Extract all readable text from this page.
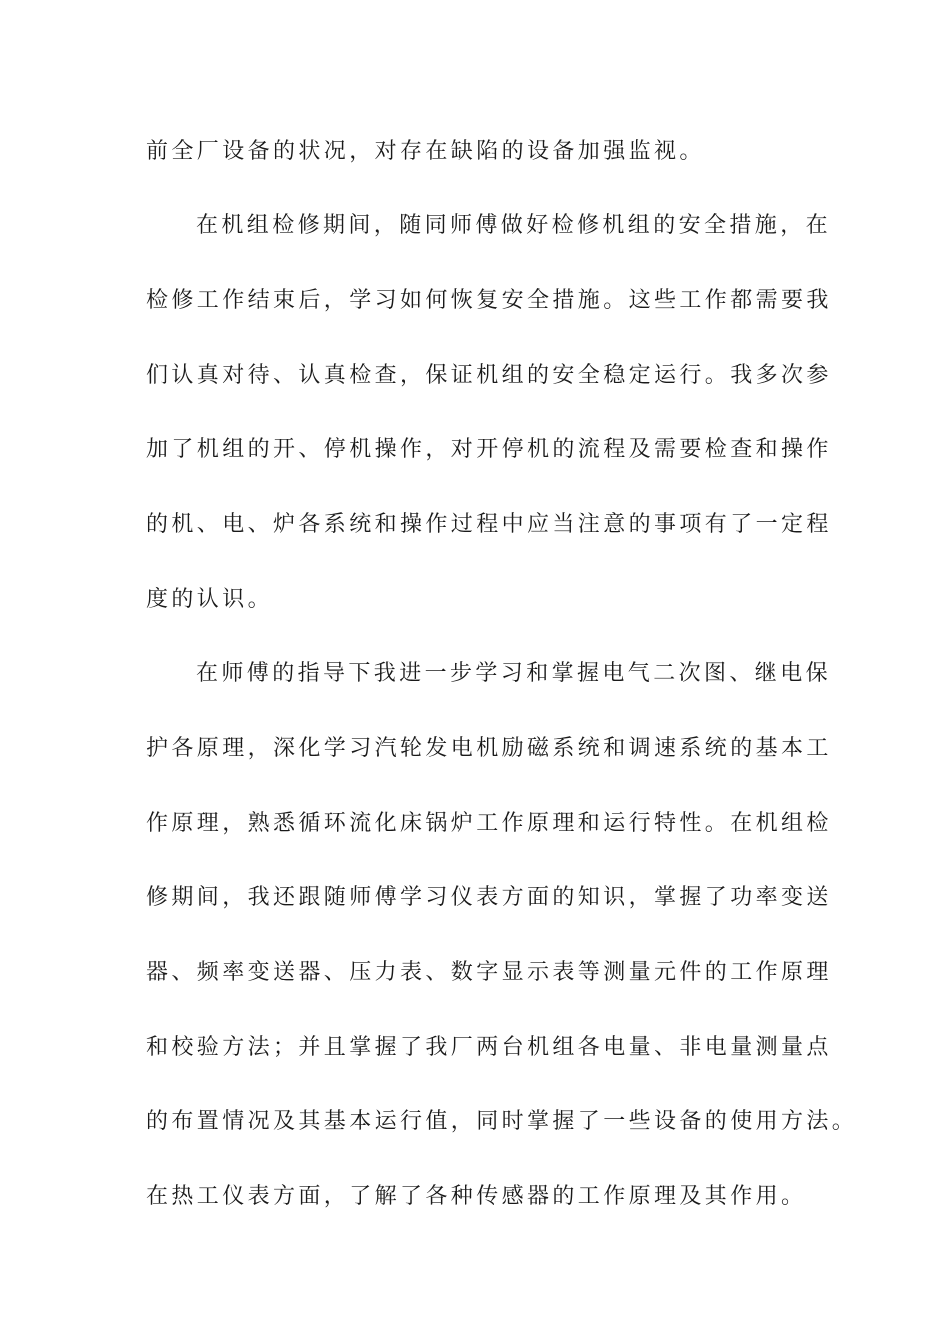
前全厂设备的状况，对存在缺陷的设备加强监视。
在机组检修期间，随同师傅做好检修机组的安全措施，在
检修工作结束后，学习如何恢复安全措施。这些工作都需要我
们认真对待、认真检查，保证机组的安全稳定运行。我多次参
加了机组的开、停机操作，对开停机的流程及需要检查和操作
的机、电、炉各系统和操作过程中应当注意的事项有了一定程
度的认识。
在师傅的指导下我进一步学习和掌握电气二次图、继电保
护各原理，深化学习汽轮发电机励磁系统和调速系统的基本工
作原理，熟悉循环流化床锅炉工作原理和运行特性。在机组检
修期间，我还跟随师傅学习仪表方面的知识，掌握了功率变送
器、频率变送器、压力表、数字显示表等测量元件的工作原理
和校验方法；并且掌握了我厂两台机组各电量、非电量测量点
的布置情况及其基本运行值，同时掌握了一些设备的使用方法。
在热工仪表方面，了解了各种传感器的工作原理及其作用。
